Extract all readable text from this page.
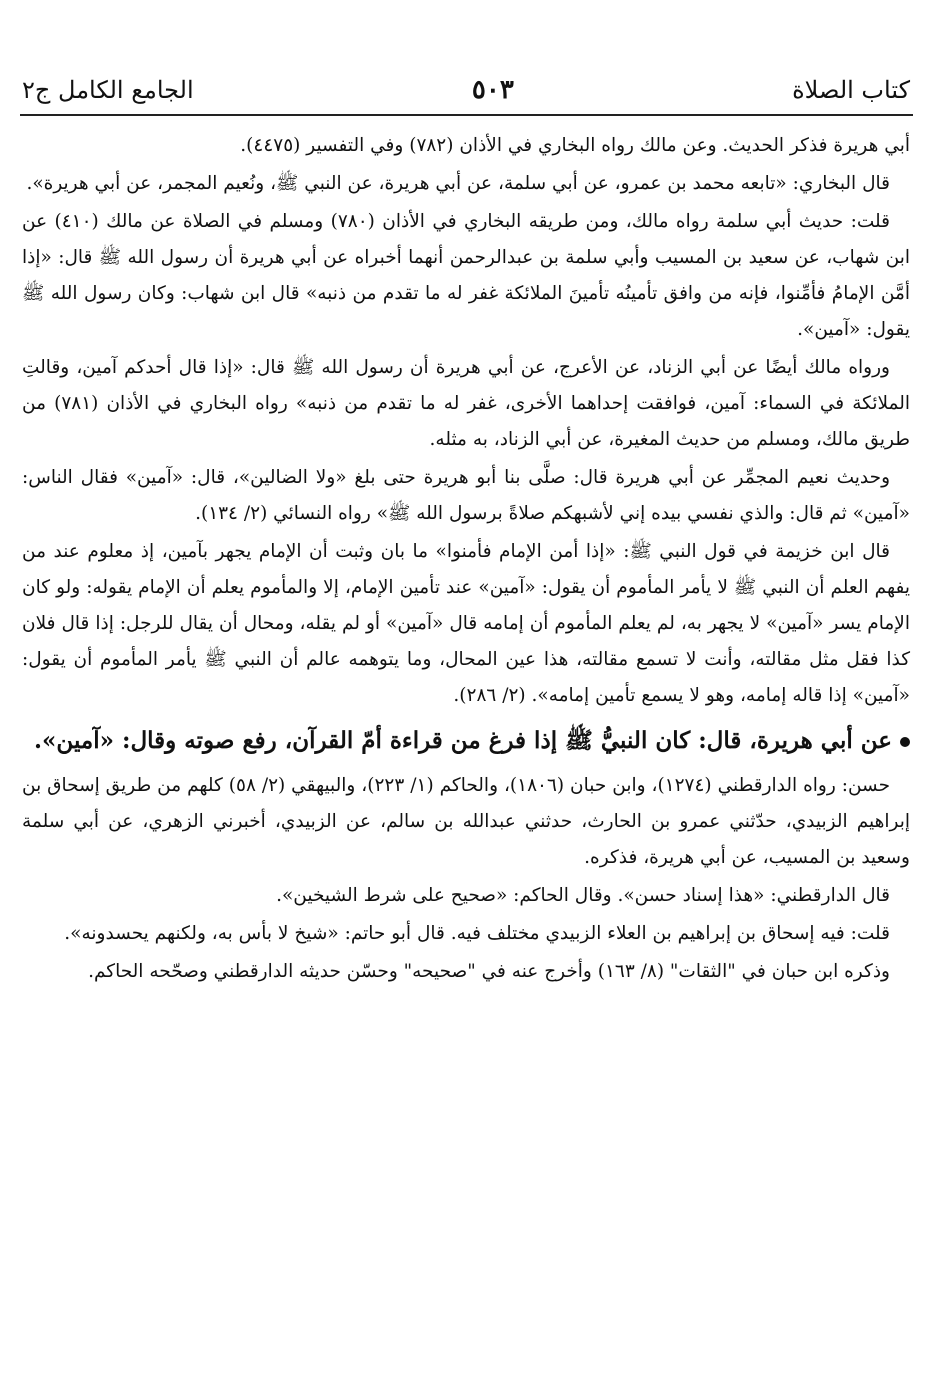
كتاب الصلاة
٥٠٣
الجامع الكامل ج٢

أبي هريرة فذكر الحديث. وعن مالك رواه البخاري في الأذان (٧٨٢) وفي التفسير (٤٤٧٥).

قال البخاري: «تابعه محمد بن عمرو، عن أبي سلمة، عن أبي هريرة، عن النبي ﷺ، ونُعيم المجمر، عن أبي هريرة».

قلت: حديث أبي سلمة رواه مالك، ومن طريقه البخاري في الأذان (٧٨٠) ومسلم في الصلاة عن مالك (٤١٠) عن ابن شهاب، عن سعيد بن المسيب وأبي سلمة بن عبدالرحمن أنهما أخبراه عن أبي هريرة أن رسول الله ﷺ قال: «إذا أمَّن الإمامُ فأمِّنوا، فإنه من وافق تأمينُه تأمينَ الملائكة غفر له ما تقدم من ذنبه» قال ابن شهاب: وكان رسول الله ﷺ يقول: «آمين».

ورواه مالك أيضًا عن أبي الزناد، عن الأعرج، عن أبي هريرة أن رسول الله ﷺ قال: «إذا قال أحدكم آمين، وقالتِ الملائكة في السماء: آمين، فوافقت إحداهما الأخرى، غفر له ما تقدم من ذنبه» رواه البخاري في الأذان (٧٨١) من طريق مالك، ومسلم من حديث المغيرة، عن أبي الزناد، به مثله.

وحديث نعيم المجمِّر عن أبي هريرة قال: صلَّى بنا أبو هريرة حتى بلغ «ولا الضالين»، قال: «آمين» فقال الناس: «آمين» ثم قال: والذي نفسي بيده إني لأشبهكم صلاةً برسول الله ﷺ» رواه النسائي (٢/ ١٣٤).

قال ابن خزيمة في قول النبي ﷺ: «إذا أمن الإمام فأمنوا» ما بان وثبت أن الإمام يجهر بآمين، إذ معلوم عند من يفهم العلم أن النبي ﷺ لا يأمر المأموم أن يقول: «آمين» عند تأمين الإمام، إلا والمأموم يعلم أن الإمام يقوله: ولو كان الإمام يسر «آمين» لا يجهر به، لم يعلم المأموم أن إمامه قال «آمين» أو لم يقله، ومحال أن يقال للرجل: إذا قال فلان كذا فقل مثل مقالته، وأنت لا تسمع مقالته، هذا عين المحال، وما يتوهمه عالم أن النبي ﷺ يأمر المأموم أن يقول: «آمين» إذا قاله إمامه، وهو لا يسمع تأمين إمامه». (٢/ ٢٨٦).

عن أبي هريرة، قال: كان النبيُّ ﷺ إذا فرغ من قراءة أمّ القرآن، رفع صوته وقال: «آمين».

حسن: رواه الدارقطني (١٢٧٤)، وابن حبان (١٨٠٦)، والحاكم (١/ ٢٢٣)، والبيهقي (٢/ ٥٨) كلهم من طريق إسحاق بن إبراهيم الزبيدي، حدّثني عمرو بن الحارث، حدثني عبدالله بن سالم، عن الزبيدي، أخبرني الزهري، عن أبي سلمة وسعيد بن المسيب، عن أبي هريرة، فذكره.

قال الدارقطني: «هذا إسناد حسن». وقال الحاكم: «صحيح على شرط الشيخين».

قلت: فيه إسحاق بن إبراهيم بن العلاء الزبيدي مختلف فيه. قال أبو حاتم: «شيخ لا بأس به، ولكنهم يحسدونه».

وذكره ابن حبان في "الثقات" (٨/ ١٦٣) وأخرج عنه في "صحيحه" وحسّن حديثه الدارقطني وصحّحه الحاكم.
